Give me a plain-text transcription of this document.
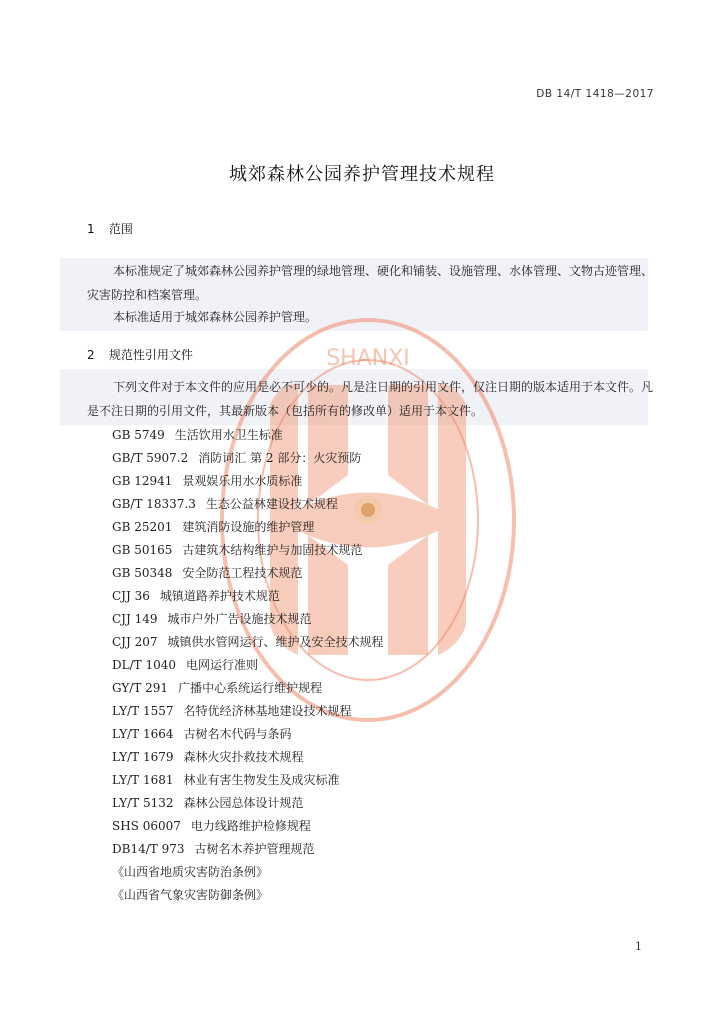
SHANXI
DB 14/T 1418—2017
城郊森林公园养护管理技术规程
1 范围
本标准规定了城郊森林公园养护管理的绿地管理、硬化和铺装、设施管理、水体管理、文物古迹管理、灾害防控和档案管理。
本标准适用于城郊森林公园养护管理。
2 规范性引用文件
下列文件对于本文件的应用是必不可少的。凡是注日期的引用文件，仅注日期的版本适用于本文件。凡是不注日期的引用文件，其最新版本（包括所有的修改单）适用于本文件。
GB 5749 生活饮用水卫生标准
GB/T 5907.2 消防词汇 第 2 部分：火灾预防
GB 12941 景观娱乐用水水质标准
GB/T 18337.3 生态公益林建设技术规程
GB 25201 建筑消防设施的维护管理
GB 50165 古建筑木结构维护与加固技术规范
GB 50348 安全防范工程技术规范
CJJ 36 城镇道路养护技术规范
CJJ 149 城市户外广告设施技术规范
CJJ 207 城镇供水管网运行、维护及安全技术规程
DL/T 1040 电网运行准则
GY/T 291 广播中心系统运行维护规程
LY/T 1557 名特优经济林基地建设技术规程
LY/T 1664 古树名木代码与条码
LY/T 1679 森林火灾扑救技术规程
LY/T 1681 林业有害生物发生及成灾标准
LY/T 5132 森林公园总体设计规范
SHS 06007 电力线路维护检修规程
DB14/T 973 古树名木养护管理规范
《山西省地质灾害防治条例》
《山西省气象灾害防御条例》
1
